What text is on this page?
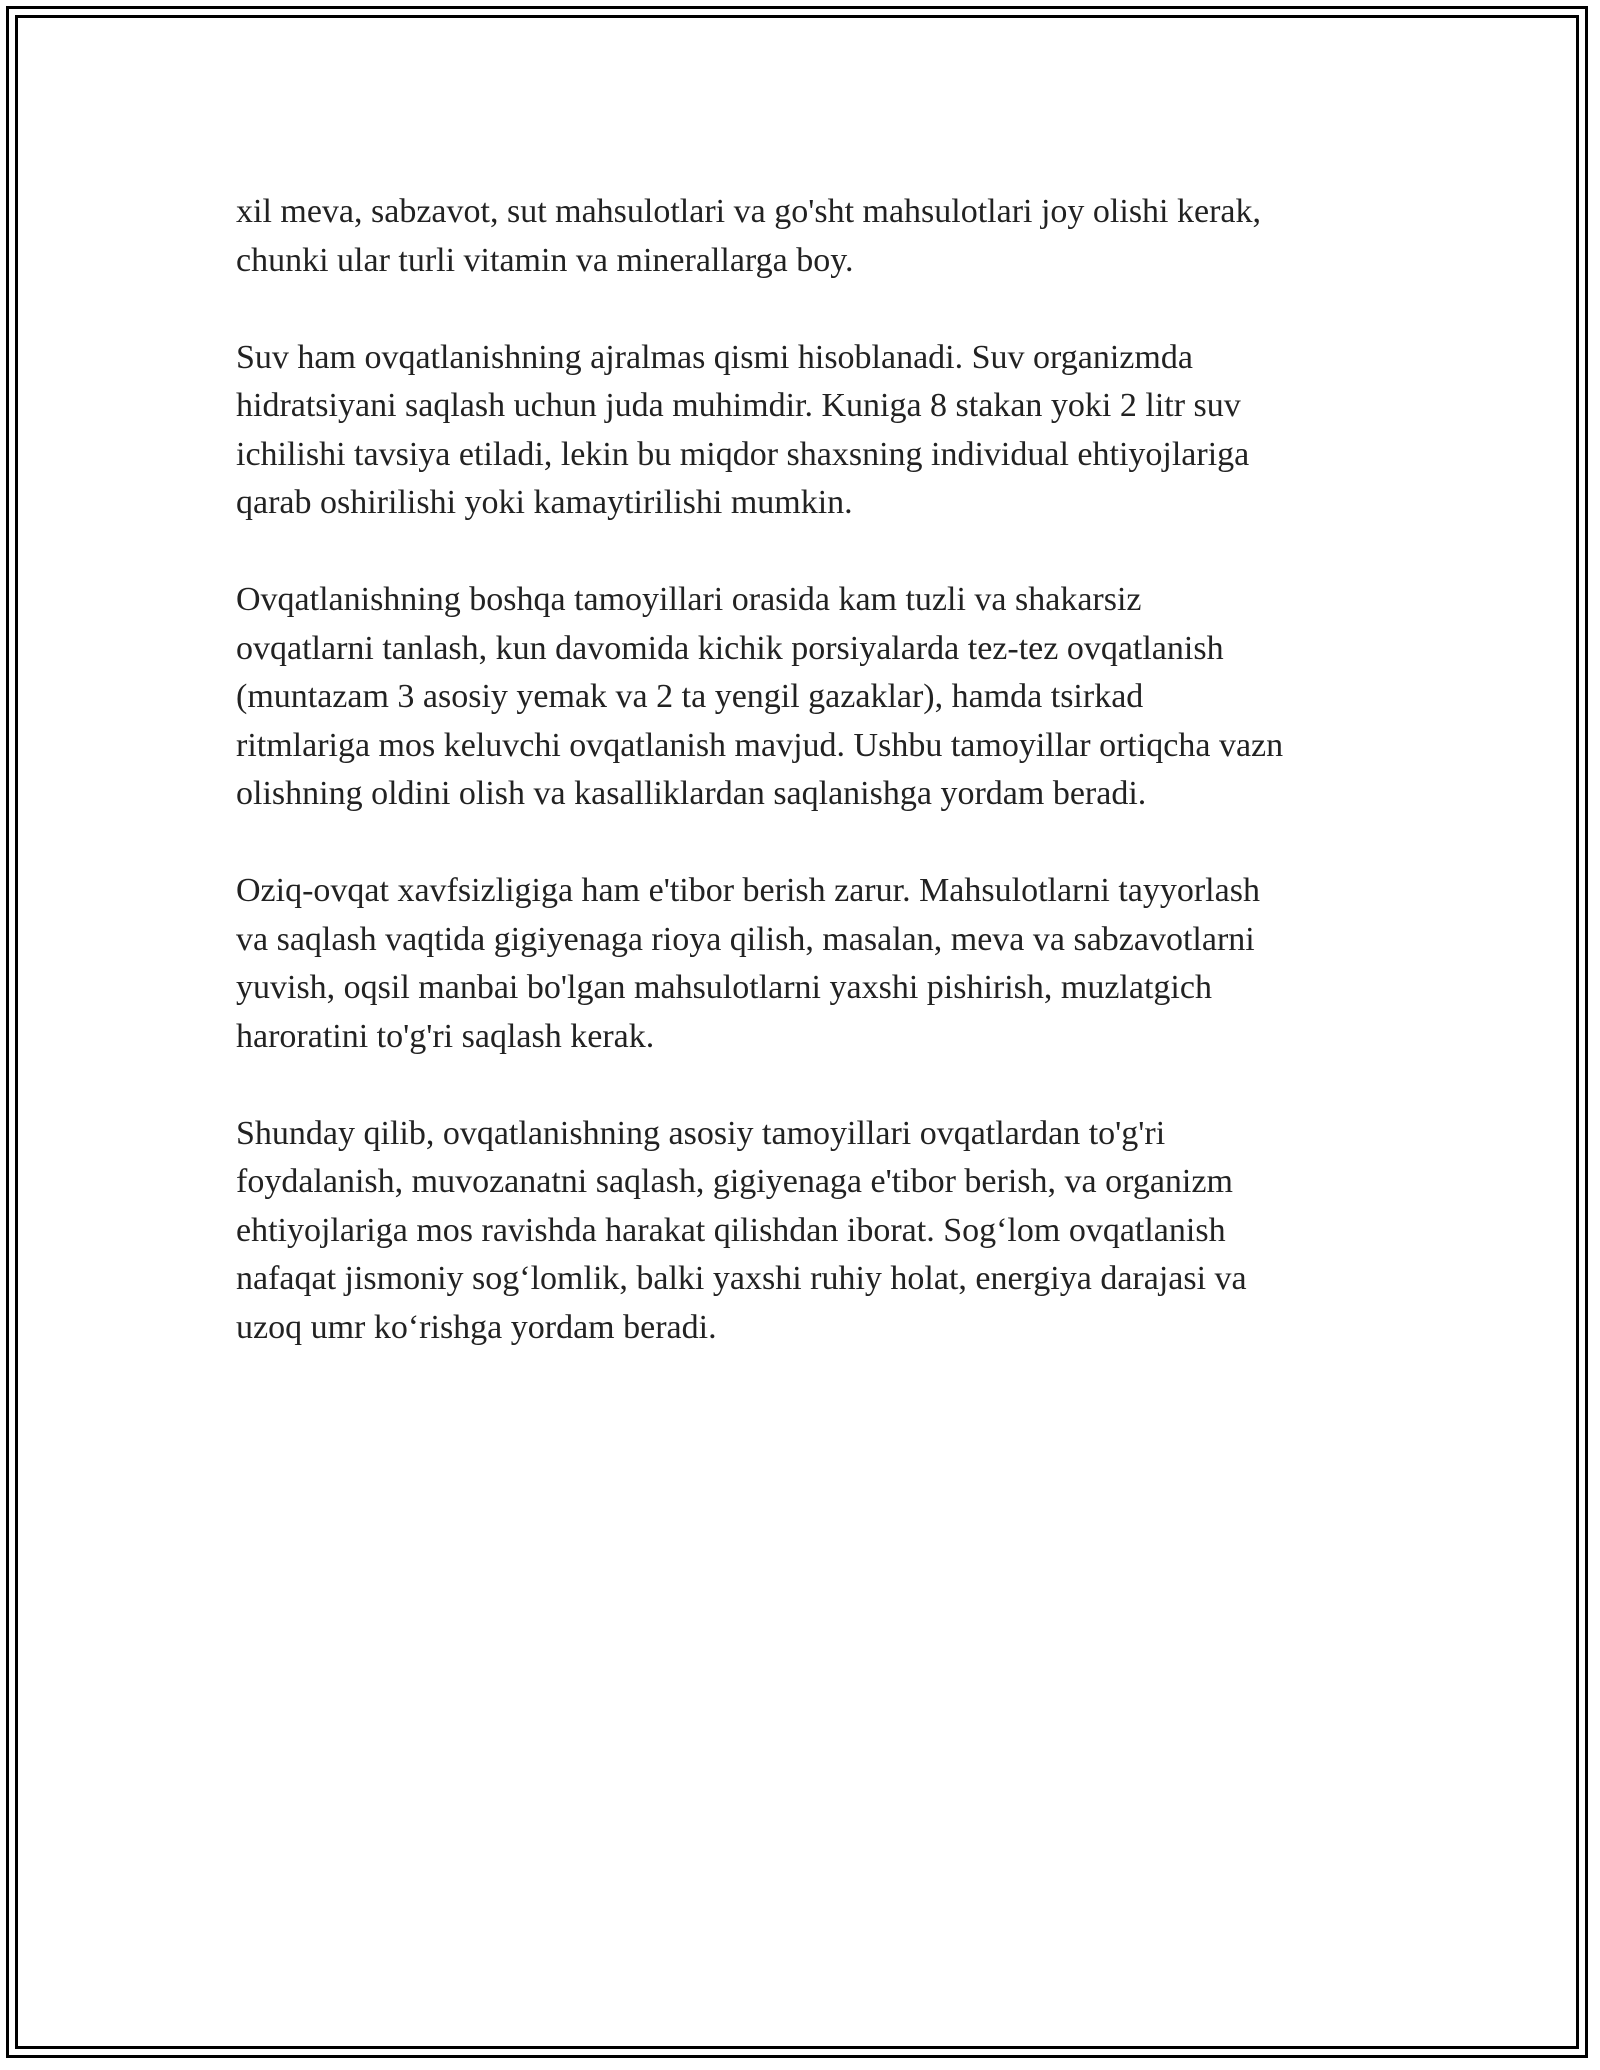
xil meva, sabzavot, sut mahsulotlari va go'sht mahsulotlari joy olishi kerak,
chunki ular turli vitamin va minerallarga boy.

Suv ham ovqatlanishning ajralmas qismi hisoblanadi. Suv organizmda
hidratsiyani saqlash uchun juda muhimdir. Kuniga 8 stakan yoki 2 litr suv
ichilishi tavsiya etiladi, lekin bu miqdor shaxsning individual ehtiyojlariga
qarab oshirilishi yoki kamaytirilishi mumkin.

Ovqatlanishning boshqa tamoyillari orasida kam tuzli va shakarsiz
ovqatlarni tanlash, kun davomida kichik porsiyalarda tez-tez ovqatlanish
(muntazam 3 asosiy yemak va 2 ta yengil gazaklar), hamda tsirkad
ritmlariga mos keluvchi ovqatlanish mavjud. Ushbu tamoyillar ortiqcha vazn
olishning oldini olish va kasalliklardan saqlanishga yordam beradi.

Oziq-ovqat xavfsizligiga ham e'tibor berish zarur. Mahsulotlarni tayyorlash
va saqlash vaqtida gigiyenaga rioya qilish, masalan, meva va sabzavotlarni
yuvish, oqsil manbai bo'lgan mahsulotlarni yaxshi pishirish, muzlatgich
haroratini to'g'ri saqlash kerak.

Shunday qilib, ovqatlanishning asosiy tamoyillari ovqatlardan to'g'ri
foydalanish, muvozanatni saqlash, gigiyenaga e'tibor berish, va organizm
ehtiyojlariga mos ravishda harakat qilishdan iborat. Sog‘lom ovqatlanish
nafaqat jismoniy sog‘lomlik, balki yaxshi ruhiy holat, energiya darajasi va
uzoq umr ko‘rishga yordam beradi.
